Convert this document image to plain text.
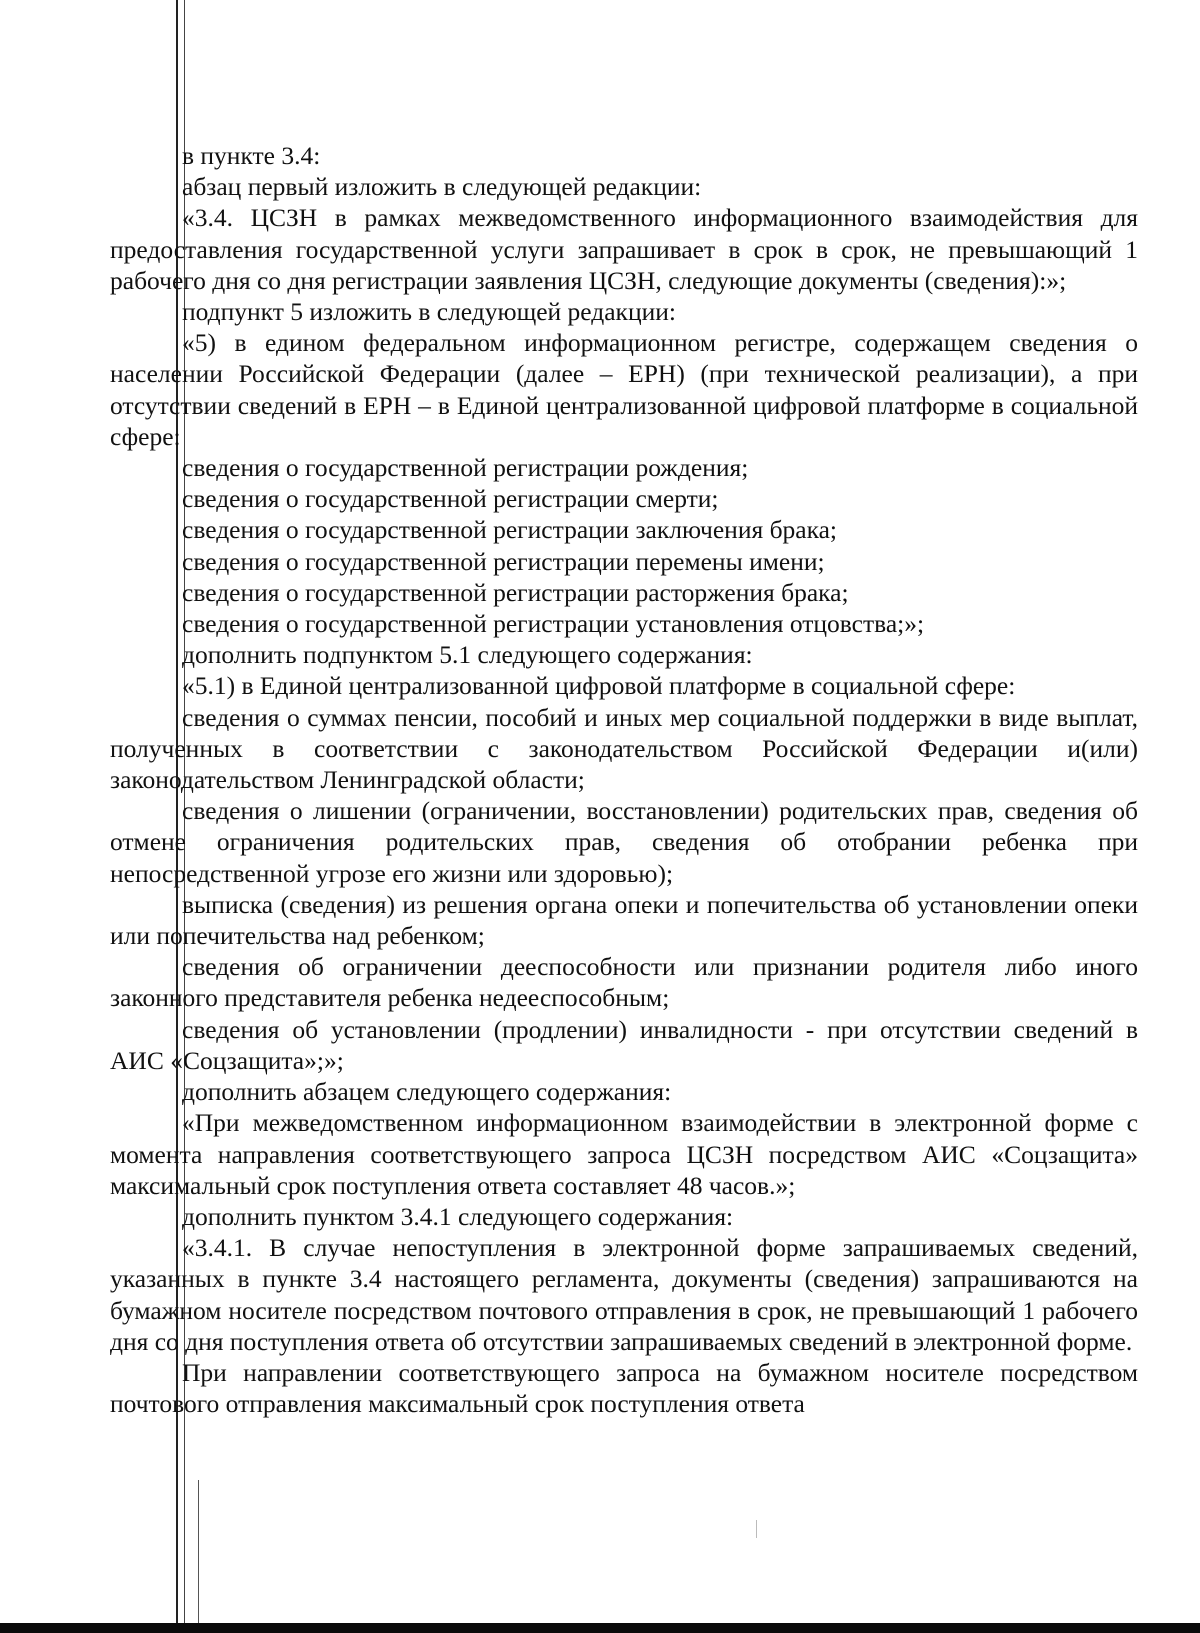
в пункте 3.4:

абзац первый изложить в следующей редакции:

«3.4. ЦСЗН в рамках межведомственного информационного взаимодействия для предоставления государственной услуги запрашивает в срок в срок, не превышающий 1 рабочего дня со дня регистрации заявления ЦСЗН, следующие документы (сведения):»;

подпункт 5 изложить в следующей редакции:

«5) в едином федеральном информационном регистре, содержащем сведения о населении Российской Федерации (далее – ЕРН) (при технической реализации), а при отсутствии сведений в ЕРН – в Единой централизованной цифровой платформе в социальной сфере:

сведения о государственной регистрации рождения;

сведения о государственной регистрации смерти;

сведения о государственной регистрации заключения брака;

сведения о государственной регистрации перемены имени;

сведения о государственной регистрации расторжения брака;

сведения о государственной регистрации установления отцовства;»;

дополнить подпунктом 5.1 следующего содержания:

«5.1) в Единой централизованной цифровой платформе в социальной сфере:

сведения о суммах пенсии, пособий и иных мер социальной поддержки в виде выплат, полученных в соответствии с законодательством Российской Федерации и(или) законодательством Ленинградской области;

сведения о лишении (ограничении, восстановлении) родительских прав, сведения об отмене ограничения родительских прав, сведения об отобрании ребенка при непосредственной угрозе его жизни или здоровью);

выписка (сведения) из решения органа опеки и попечительства об установлении опеки или попечительства над ребенком;

сведения об ограничении дееспособности или признании родителя либо иного законного представителя ребенка недееспособным;

сведения об установлении (продлении) инвалидности - при отсутствии сведений в АИС «Соцзащита»;»;

дополнить абзацем следующего содержания:

«При межведомственном информационном взаимодействии в электронной форме с момента направления соответствующего запроса ЦСЗН посредством АИС «Соцзащита» максимальный срок поступления ответа составляет 48 часов.»;

дополнить пунктом 3.4.1 следующего содержания:

«3.4.1. В случае непоступления в электронной форме запрашиваемых сведений, указанных в пункте 3.4 настоящего регламента, документы (сведения) запрашиваются на бумажном носителе посредством почтового отправления в срок, не превышающий 1 рабочего дня со дня поступления ответа об отсутствии запрашиваемых сведений в электронной форме.

При направлении соответствующего запроса на бумажном носителе посредством почтового отправления максимальный срок поступления ответа
